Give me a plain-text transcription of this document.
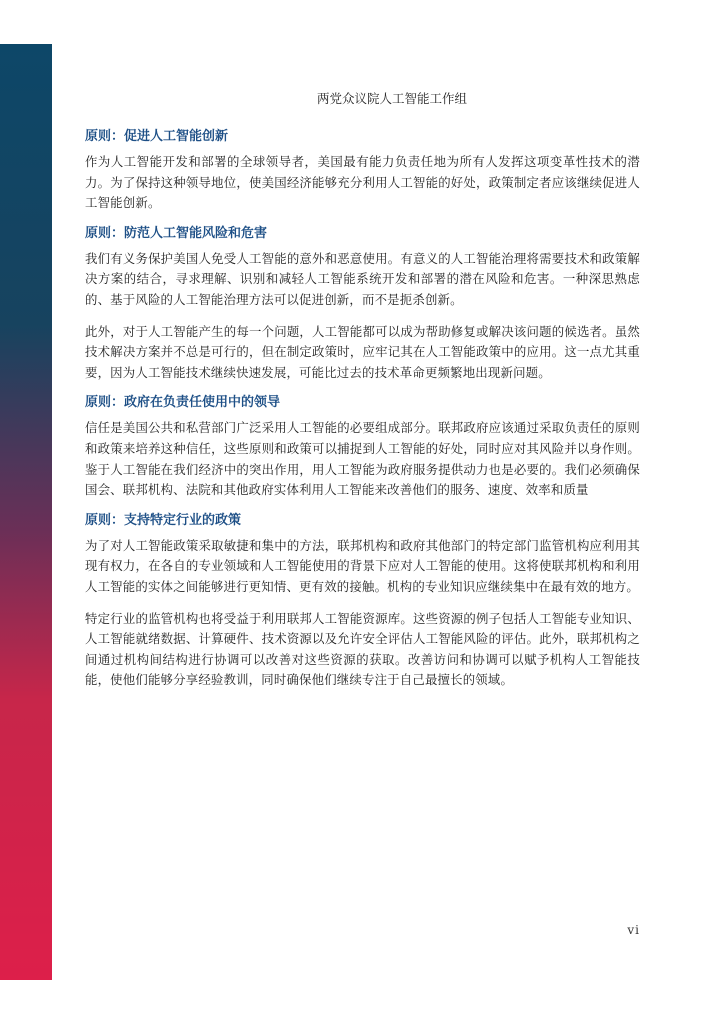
两党众议院人工智能工作组
原则：促进人工智能创新

作为人工智能开发和部署的全球领导者，美国最有能力负责任地为所有人发挥这项变革性技术的潜力。为了保持这种领导地位，使美国经济能够充分利用人工智能的好处，政策制定者应该继续促进人工智能创新。

原则：防范人工智能风险和危害

我们有义务保护美国人免受人工智能的意外和恶意使用。有意义的人工智能治理将需要技术和政策解决方案的结合，寻求理解、识别和减轻人工智能系统开发和部署的潜在风险和危害。一种深思熟虑的、基于风险的人工智能治理方法可以促进创新，而不是扼杀创新。

此外，对于人工智能产生的每一个问题，人工智能都可以成为帮助修复或解决该问题的候选者。虽然技术解决方案并不总是可行的，但在制定政策时，应牢记其在人工智能政策中的应用。这一点尤其重要，因为人工智能技术继续快速发展，可能比过去的技术革命更频繁地出现新问题。

原则：政府在负责任使用中的领导

信任是美国公共和私营部门广泛采用人工智能的必要组成部分。联邦政府应该通过采取负责任的原则和政策来培养这种信任，这些原则和政策可以捕捉到人工智能的好处，同时应对其风险并以身作则。鉴于人工智能在我们经济中的突出作用，用人工智能为政府服务提供动力也是必要的。我们必须确保国会、联邦机构、法院和其他政府实体利用人工智能来改善他们的服务、速度、效率和质量

原则：支持特定行业的政策

为了对人工智能政策采取敏捷和集中的方法，联邦机构和政府其他部门的特定部门监管机构应利用其现有权力，在各自的专业领域和人工智能使用的背景下应对人工智能的使用。这将使联邦机构和利用人工智能的实体之间能够进行更知情、更有效的接触。机构的专业知识应继续集中在最有效的地方。

特定行业的监管机构也将受益于利用联邦人工智能资源库。这些资源的例子包括人工智能专业知识、人工智能就绪数据、计算硬件、技术资源以及允许安全评估人工智能风险的评估。此外，联邦机构之间通过机构间结构进行协调可以改善对这些资源的获取。改善访问和协调可以赋予机构人工智能技能，使他们能够分享经验教训，同时确保他们继续专注于自己最擅长的领域。

vi
